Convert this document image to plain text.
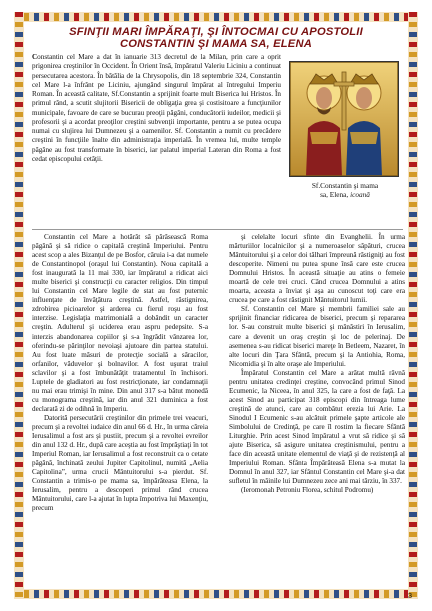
SFINŢII MARI ÎMPĂRAŢI, ŞI ÎNTOCMAI CU APOSTOLII
CONSTANTIN ŞI MAMA SA, ELENA
Constantin cel Mare a dat în ianuarie 313 decretul de la Milan, prin care a oprit prigonirea creştinilor în Occident. În Orient însă, împăratul Valeriu Liciniu a continuat persecutarea acestora. În bătălia de la Chrysopolis, din 18 septembrie 324, Constantin cel Mare l-a înfrânt pe Liciniu, ajungând singurul împărat al întregului Imperiu Roman. În această calitate, Sf.Constantin a sprijinit foarte mult Biserica lui Hristos. În primul rând, a scutit slujitorii Bisericii de obligaţia grea şi costisitoare a funcţiunilor municipale, favoare de care se bucurau preoţii păgâni, conducătorii iudeilor, medicii şi profesorii şi a acordat preoţilor creştini subvenţii importante, pentru a se putea ocupa numai cu slujirea lui Dumnezeu şi a oamenilor. Sf. Constantin a numit cu precădere creştini în funcţiile înalte din administraţia imperială. În vremea lui, multe temple păgâne au fost transformate în biserici, iar palatul imperial Lateran din Roma a fost cedat episcopului cetăţii.
Sf.Constantin şi mama
sa, Elena, icoană

Constantin cel Mare a hotărât să părăsească Roma păgână şi să ridice o capitală creştină Imperiului. Pentru acest scop a ales Bizanţul de pe Bosfor, căruia i-a dat numele de Constantinopol (oraşul lui Constantin). Noua capitală a fost inaugurată la 11 mai 330, iar împăratul a ridicat aici multe biserici şi construcţii cu caracter religios. Din timpul lui Constantin cel Mare legile de stat au fost puternic influenţate de învăţătura creştină. Astfel, răstignirea, zdrobirea picioarelor şi arderea cu fierul roşu au fost interzise. Legislaţia matrimonială a dobândit un caracter creştin. Adulterul şi uciderea erau aspru pedepsite. S-a interzis abandonarea copiilor şi s-a îngrădit vânzarea lor, oferindu-se părinţilor nevoiaşi ajutoare din partea statului. Au fost luate măsuri de protecţie socială a săracilor, orfanilor, văduvelor şi bolnavilor. A fost uşurat traiul sclavilor şi a fost îmbunătăţit tratamentul în închisori. Luptele de gladiatori au fost restricţionate, iar condamnaţii nu mai erau trimişi în mine. Din anul 317 s-a bătut monedă cu monograma creştină, iar din anul 321 duminica a fost declarată zi de odihnă în Imperiu.

Datorită persecutării creştinilor din primele trei veacuri, precum şi a revoltei iudaice din anul 66 d. Hr., în urma căreia Ierusalimul a fost ars şi pustiit, precum şi a revoltei evreilor din anul 132 d. Hr., după care aceştia au fost împrăştiaţi în tot Imperiul Roman, iar Ierusalimul a fost reconstruit ca o cetate păgână, închinată zeului Jupiter Capitolinul, numită „Aelia Capitolina”, urma crucii Mântuitorului s-a pierdut. Sf. Constantin a trimis-o pe mama sa, împărăteasa Elena, la Ierusalim, pentru a descoperi primul rând crucea Mântuitorului, care l-a ajutat în lupta împotriva lui Maxenţiu, precum

şi celelalte locuri sfinte din Evanghelii. În urma mărturiilor localnicilor şi a numeroaselor săpături, crucea Mântuitorului şi a celor doi tâlhari împreună răstigniţi au fost descoperite. Nimeni nu putea spune însă care este crucea Domnului Hristos. În această situaţie au atins o femeie moartă de cele trei cruci. Când crucea Domnului a atins moarta, aceasta a înviat şi aşa au cunoscut toţi care era crucea pe care a fost răstignit Mântuitorul lumii.

Sf. Constantin cel Mare şi membrii familiei sale au sprijinit financiar ridicarea de biserici, precum şi repararea lor. S-au construit multe biserici şi mânăstiri în Ierusalim, care a devenit un oraş creştin şi loc de pelerinaj. De asemenea s-au ridicat biserici mareţe în Betleem, Nazaret, în alte locuri din Ţara Sfântă, precum şi la Antiohia, Roma, Nicomidia şi în alte oraşe ale Imperiului.

Împăratul Constantin cel Mare a arătat multă râvnă pentru unitatea credinţei creştine, convocând primul Sinod Ecumenic, la Niceea, în anul 325, la care a fost de faţă. La acest Sinod au participat 318 episcopi din întreaga lume creştină de atunci, care au combătut erezia lui Arie. La Sinodul I Ecumenic s-au alcătuit primele şapte articole ale Simbolului de Credinţă, pe care îl rostim la fiecare Sfântă Liturghie. Prin acest Sinod împăratul a vrut să ridice şi să ajute Biserica, să asigure unitatea creştinismului, pentru a face din această unitate elementul de viaţă şi de rezistenţă al Imperiului Roman. Sfânta Împărăteasă Elena s-a mutat la Domnul în anul 327, iar Sfântul Constantin cel Mare şi-a dat sufletul în mâinile lui Dumnezeu zece ani mai târziu, în 337.

(Ieromonah Petroniu Florea, schitul Podromu)

3
